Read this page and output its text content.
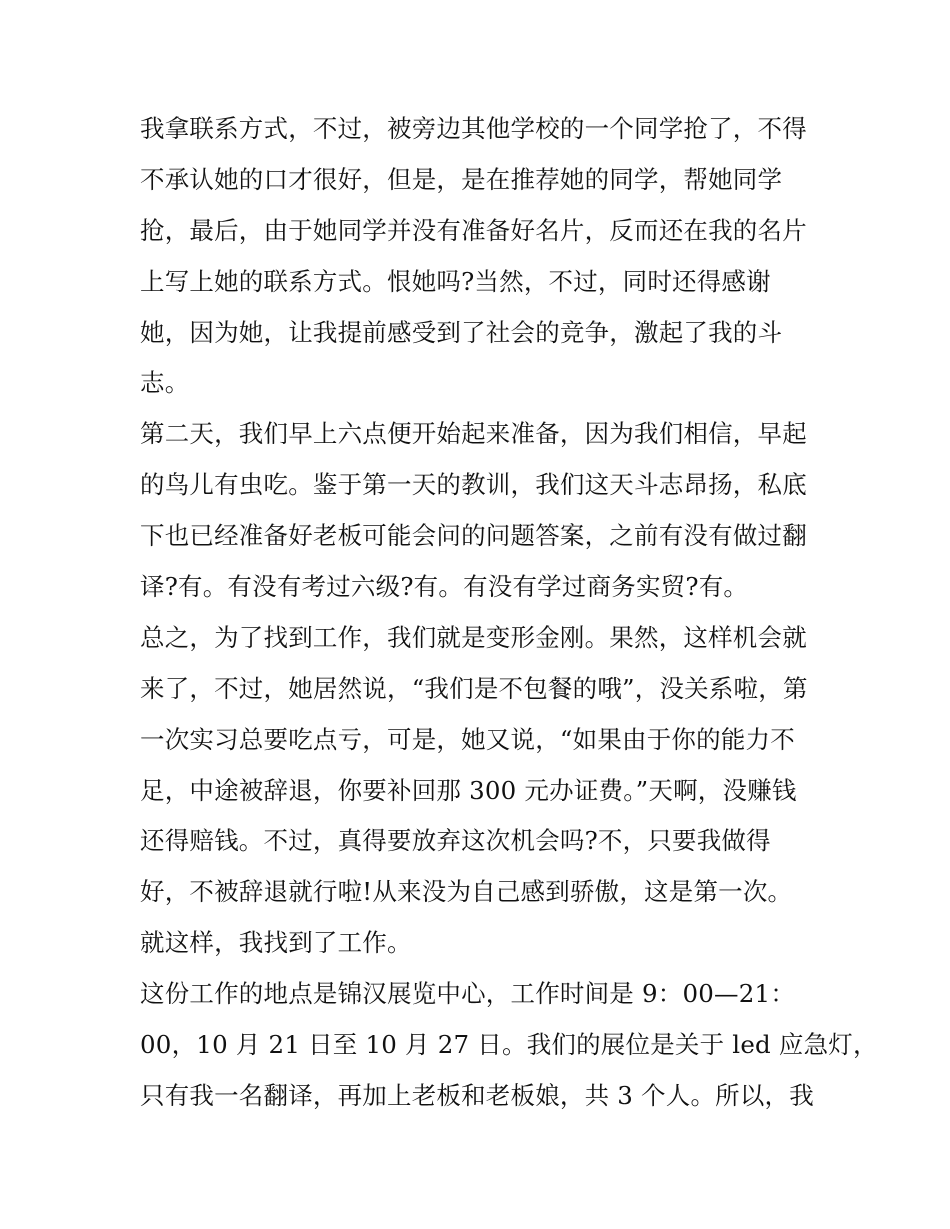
我拿联系方式，不过，被旁边其他学校的一个同学抢了，不得
不承认她的口才很好，但是，是在推荐她的同学，帮她同学
抢，最后，由于她同学并没有准备好名片，反而还在我的名片
上写上她的联系方式。恨她吗?当然，不过，同时还得感谢
她，因为她，让我提前感受到了社会的竞争，激起了我的斗
志。
第二天，我们早上六点便开始起来准备，因为我们相信，早起
的鸟儿有虫吃。鉴于第一天的教训，我们这天斗志昂扬，私底
下也已经准备好老板可能会问的问题答案，之前有没有做过翻
译?有。有没有考过六级?有。有没有学过商务实贸?有。
总之，为了找到工作，我们就是变形金刚。果然，这样机会就
来了，不过，她居然说，“我们是不包餐的哦”，没关系啦，第
一次实习总要吃点亏，可是，她又说，“如果由于你的能力不
足，中途被辞退，你要补回那 300 元办证费。”天啊，没赚钱
还得赔钱。不过，真得要放弃这次机会吗?不，只要我做得
好，不被辞退就行啦!从来没为自己感到骄傲，这是第一次。
就这样，我找到了工作。
这份工作的地点是锦汉展览中心，工作时间是 9：00—21：
00，10 月 21 日至 10 月 27 日。我们的展位是关于 led 应急灯，
只有我一名翻译，再加上老板和老板娘，共 3 个人。所以，我
